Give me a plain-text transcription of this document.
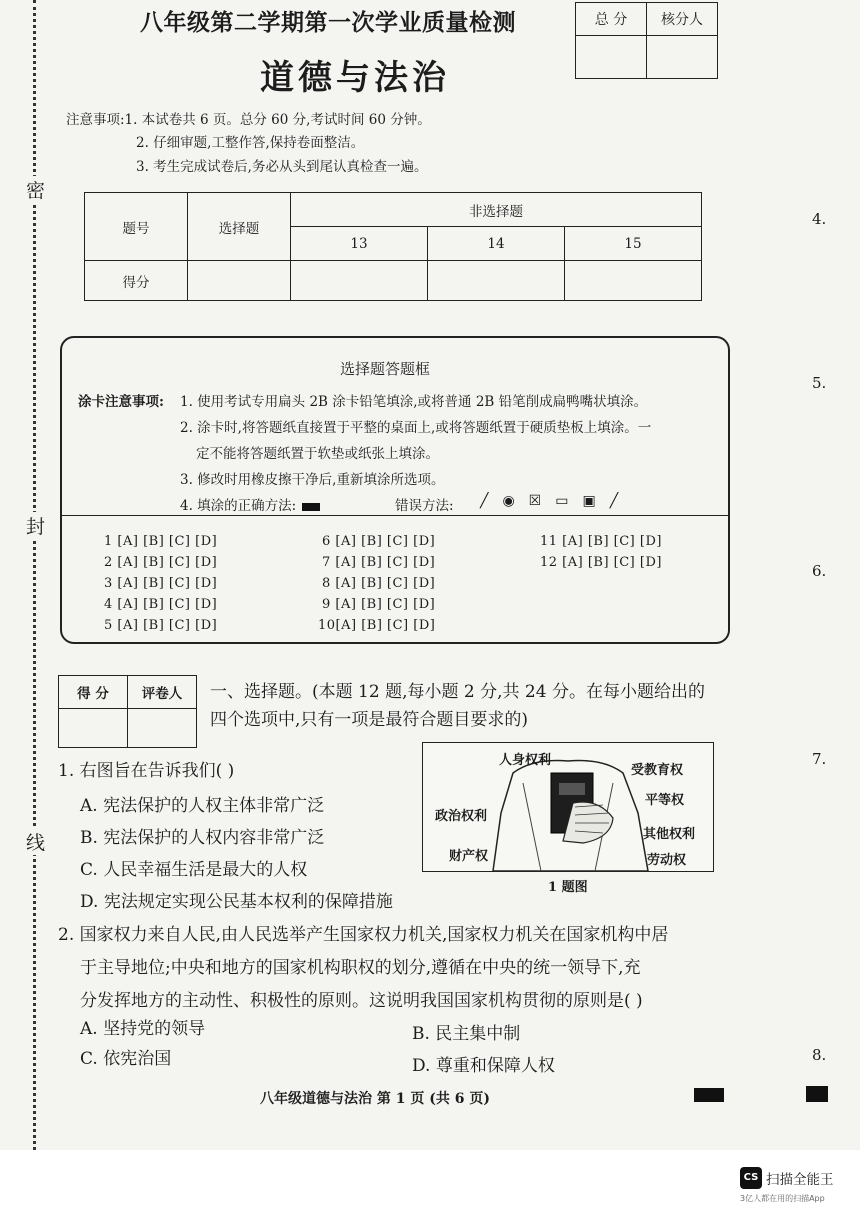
密
封
线
4.
5.
6.
7.
8.
八年级第二学期第一次学业质量检测
道德与法治
总 分	核分人

注意事项:1. 本试卷共 6 页。总分 60 分,考试时间 60 分钟。
2. 仔细审题,工整作答,保持卷面整洁。
3. 考生完成试卷后,务必从头到尾认真检查一遍。
题号	选择题	非选择题		
		13	14	15
得分				
选择题答题框
涂卡注意事项: 1. 使用考试专用扁头 2B 涂卡铅笔填涂,或将普通 2B 铅笔削成扁鸭嘴状填涂。
2. 涂卡时,将答题纸直接置于平整的桌面上,或将答题纸置于硬质垫板上填涂。一
定不能将答题纸置于软垫或纸张上填涂。
3. 修改时用橡皮擦干净后,重新填涂所选项。
4. 填涂的正确方法:	错误方法: ╱ ◉ ☒ ▭ ▣ ╱
1 [A] [B] [C] [D]
2 [A] [B] [C] [D]
3 [A] [B] [C] [D]
4 [A] [B] [C] [D]
5 [A] [B] [C] [D]
6 [A] [B] [C] [D]
7 [A] [B] [C] [D]
8 [A] [B] [C] [D]
9 [A] [B] [C] [D]
10[A] [B] [C] [D]
11 [A] [B] [C] [D]
12 [A] [B] [C] [D]
得 分	评卷人
	一、选择题。(本题 12 题,每小题 2 分,共 24 分。在每小题给出的
四个选项中,只有一项是最符合题目要求的)
1. 右图旨在告诉我们( )
A. 宪法保护的人权主体非常广泛
B. 宪法保护的人权内容非常广泛
C. 人民幸福生活是最大的人权
D. 宪法规定实现公民基本权利的保障措施
人身权利
受教育权
政治权利
平等权
其他权利
财产权	劳动权
1 题图
2. 国家权力来自人民,由人民选举产生国家权力机关,国家权力机关在国家机构中居
于主导地位;中央和地方的国家机构职权的划分,遵循在中央的统一领导下,充
分发挥地方的主动性、积极性的原则。这说明我国国家机构贯彻的原则是( )
A. 坚持党的领导	B. 民主集中制
C. 依宪治国	D. 尊重和保障人权
八年级道德与法治 第 1 页 (共 6 页)
CS 扫描全能王
3亿人都在用的扫描App
